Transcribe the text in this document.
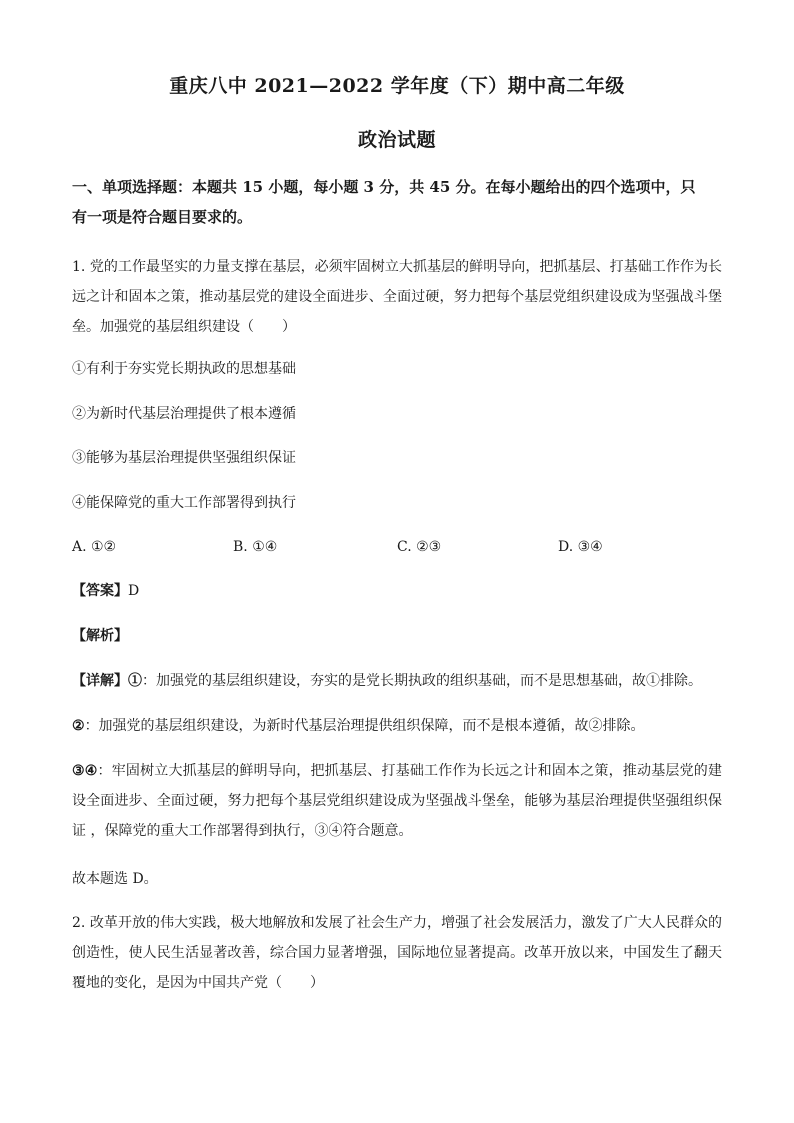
重庆八中 2021—2022 学年度（下）期中高二年级
政治试题
一、单项选择题：本题共 15 小题，每小题 3 分，共 45 分。在每小题给出的四个选项中，只
有一项是符合题目要求的。
1. 党的工作最坚实的力量支撑在基层，必须牢固树立大抓基层的鲜明导向，把抓基层、打基础工作作为长远之计和固本之策，推动基层党的建设全面进步、全面过硬，努力把每个基层党组织建设成为坚强战斗堡垒。加强党的基层组织建设（　　）
①有利于夯实党长期执政的思想基础
②为新时代基层治理提供了根本遵循
③能够为基层治理提供坚强组织保证
④能保障党的重大工作部署得到执行
A. ①②	B. ①④	C. ②③	D. ③④
【答案】D
【解析】
【详解】①：加强党的基层组织建设，夯实的是党长期执政的组织基础，而不是思想基础，故①排除。
②：加强党的基层组织建设，为新时代基层治理提供组织保障，而不是根本遵循，故②排除。
③④：牢固树立大抓基层的鲜明导向，把抓基层、打基础工作作为长远之计和固本之策，推动基层党的建设全面进步、全面过硬，努力把每个基层党组织建设成为坚强战斗堡垒，能够为基层治理提供坚强组织保证 ，保障党的重大工作部署得到执行，③④符合题意。
故本题选 D。
2. 改革开放的伟大实践，极大地解放和发展了社会生产力，增强了社会发展活力，激发了广大人民群众的创造性，使人民生活显著改善，综合国力显著增强，国际地位显著提高。改革开放以来，中国发生了翻天覆地的变化，是因为中国共产党（　　）
